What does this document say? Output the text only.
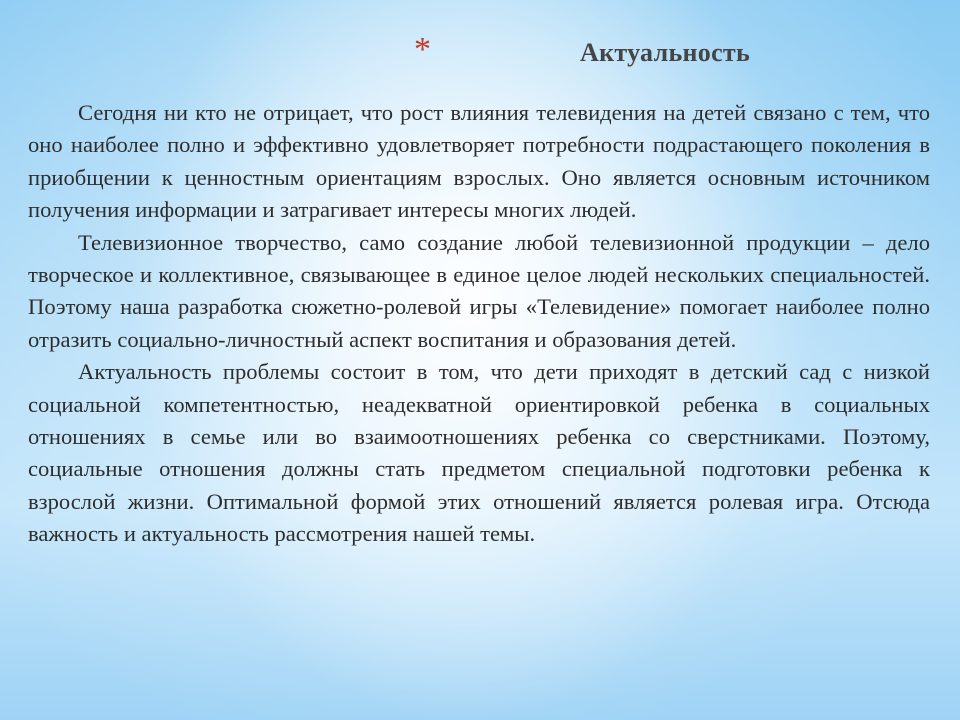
*	Актуальность

Сегодня ни кто не отрицает, что рост влияния телевидения на детей связано с тем, что оно наиболее полно и эффективно удовлетворяет потребности подрастающего поколения в приобщении к ценностным ориентациям взрослых. Оно является основным источником получения информации и затрагивает интересы многих людей.

Телевизионное творчество, само создание любой телевизионной продукции – дело творческое и коллективное, связывающее в единое целое людей нескольких специальностей. Поэтому наша разработка сюжетно-ролевой игры «Телевидение» помогает наиболее полно отразить социально-личностный аспект воспитания и образования детей.

Актуальность проблемы состоит в том, что дети приходят в детский сад с низкой социальной компетентностью, неадекватной ориентировкой ребенка в социальных отношениях в семье или во взаимоотношениях ребенка со сверстниками. Поэтому, социальные отношения должны стать предметом специальной подготовки ребенка к взрослой жизни. Оптимальной формой этих отношений является ролевая игра. Отсюда важность и актуальность рассмотрения нашей темы.
